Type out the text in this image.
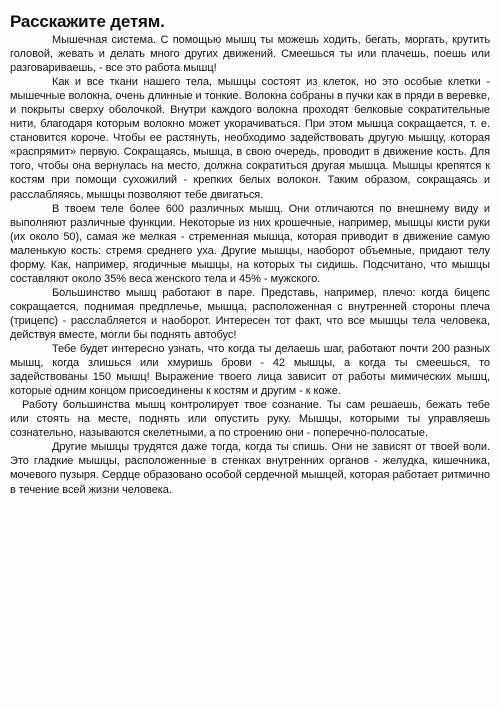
Расскажите детям.

Мышечная система. С помощью мышц ты можешь ходить, бегать, моргать, крутить головой, жевать и делать много других движений. Смеешься ты или плачешь, поешь или разговариваешь, - все это работа мышц!

Как и все ткани нашего тела, мышцы состоят из клеток, но это особые клетки - мышечные волокна, очень длинные и тонкие. Волокна собраны в пучки как в пряди в веревке, и покрыты сверху оболочкой. Внутри каждого волокна проходят белковые сократительные нити, благодаря которым волокно может укорачиваться. При этом мышца сокращается, т. е. становится короче. Чтобы ее растянуть, необходимо задействовать другую мышцу, которая «распрямит» первую. Сокращаясь, мышца, в свою очередь, проводит в движение кость. Для того, чтобы она вернулась на место, должна сократиться другая мышца. Мышцы крепятся к костям при помощи сухожилий - крепких белых волокон. Таким образом, сокращаясь и расслабляясь, мышцы позволяют тебе двигаться.

В твоем теле более 600 различных мышц. Они отличаются по внешнему виду и выполняют различные функции. Некоторые из них крошечные, например, мышцы кисти руки (их около 50), самая же мелкая - стременная мышца, которая приводит в движение самую маленькую кость: стремя среднего уха. Другие мышцы, наоборот объемные, придают телу форму. Как, например, ягодичные мышцы, на которых ты сидишь. Подсчитано, что мышцы составляют около 35% веса женского тела и 45% - мужского.

Большинство мышц работают в паре. Представь, например, плечо: когда бицепс сокращается, поднимая предплечье, мышца, расположенная с внутренней стороны плеча (трицепс) - расслабляется и наоборот. Интересен тот факт, что все мышцы тела человека, действуя вместе, могли бы поднять автобус!

Тебе будет интересно узнать, что когда ты делаешь шаг, работают почти 200 разных мышц, когда злишься или хмуришь брови - 42 мышцы, а когда ты смеешься, то задействованы 150 мышц! Выражение твоего лица зависит от работы мимических мышц, которые одним концом присоединены к костям и другим - к коже.

Работу большинства мышц контролирует твое сознание. Ты сам решаешь, бежать тебе или стоять на месте, поднять или опустить руку. Мышцы, которыми ты управляешь сознательно, называются скелетными, а по строению они - поперечно-полосатые.

Другие мышцы трудятся даже тогда, когда ты спишь. Они не зависят от твоей воли. Это гладкие мышцы, расположенные в стенках внутренних органов - желудка, кишечника, мочевого пузыря. Сердце образовано особой сердечной мышцей, которая работает ритмично в течение всей жизни человека.
